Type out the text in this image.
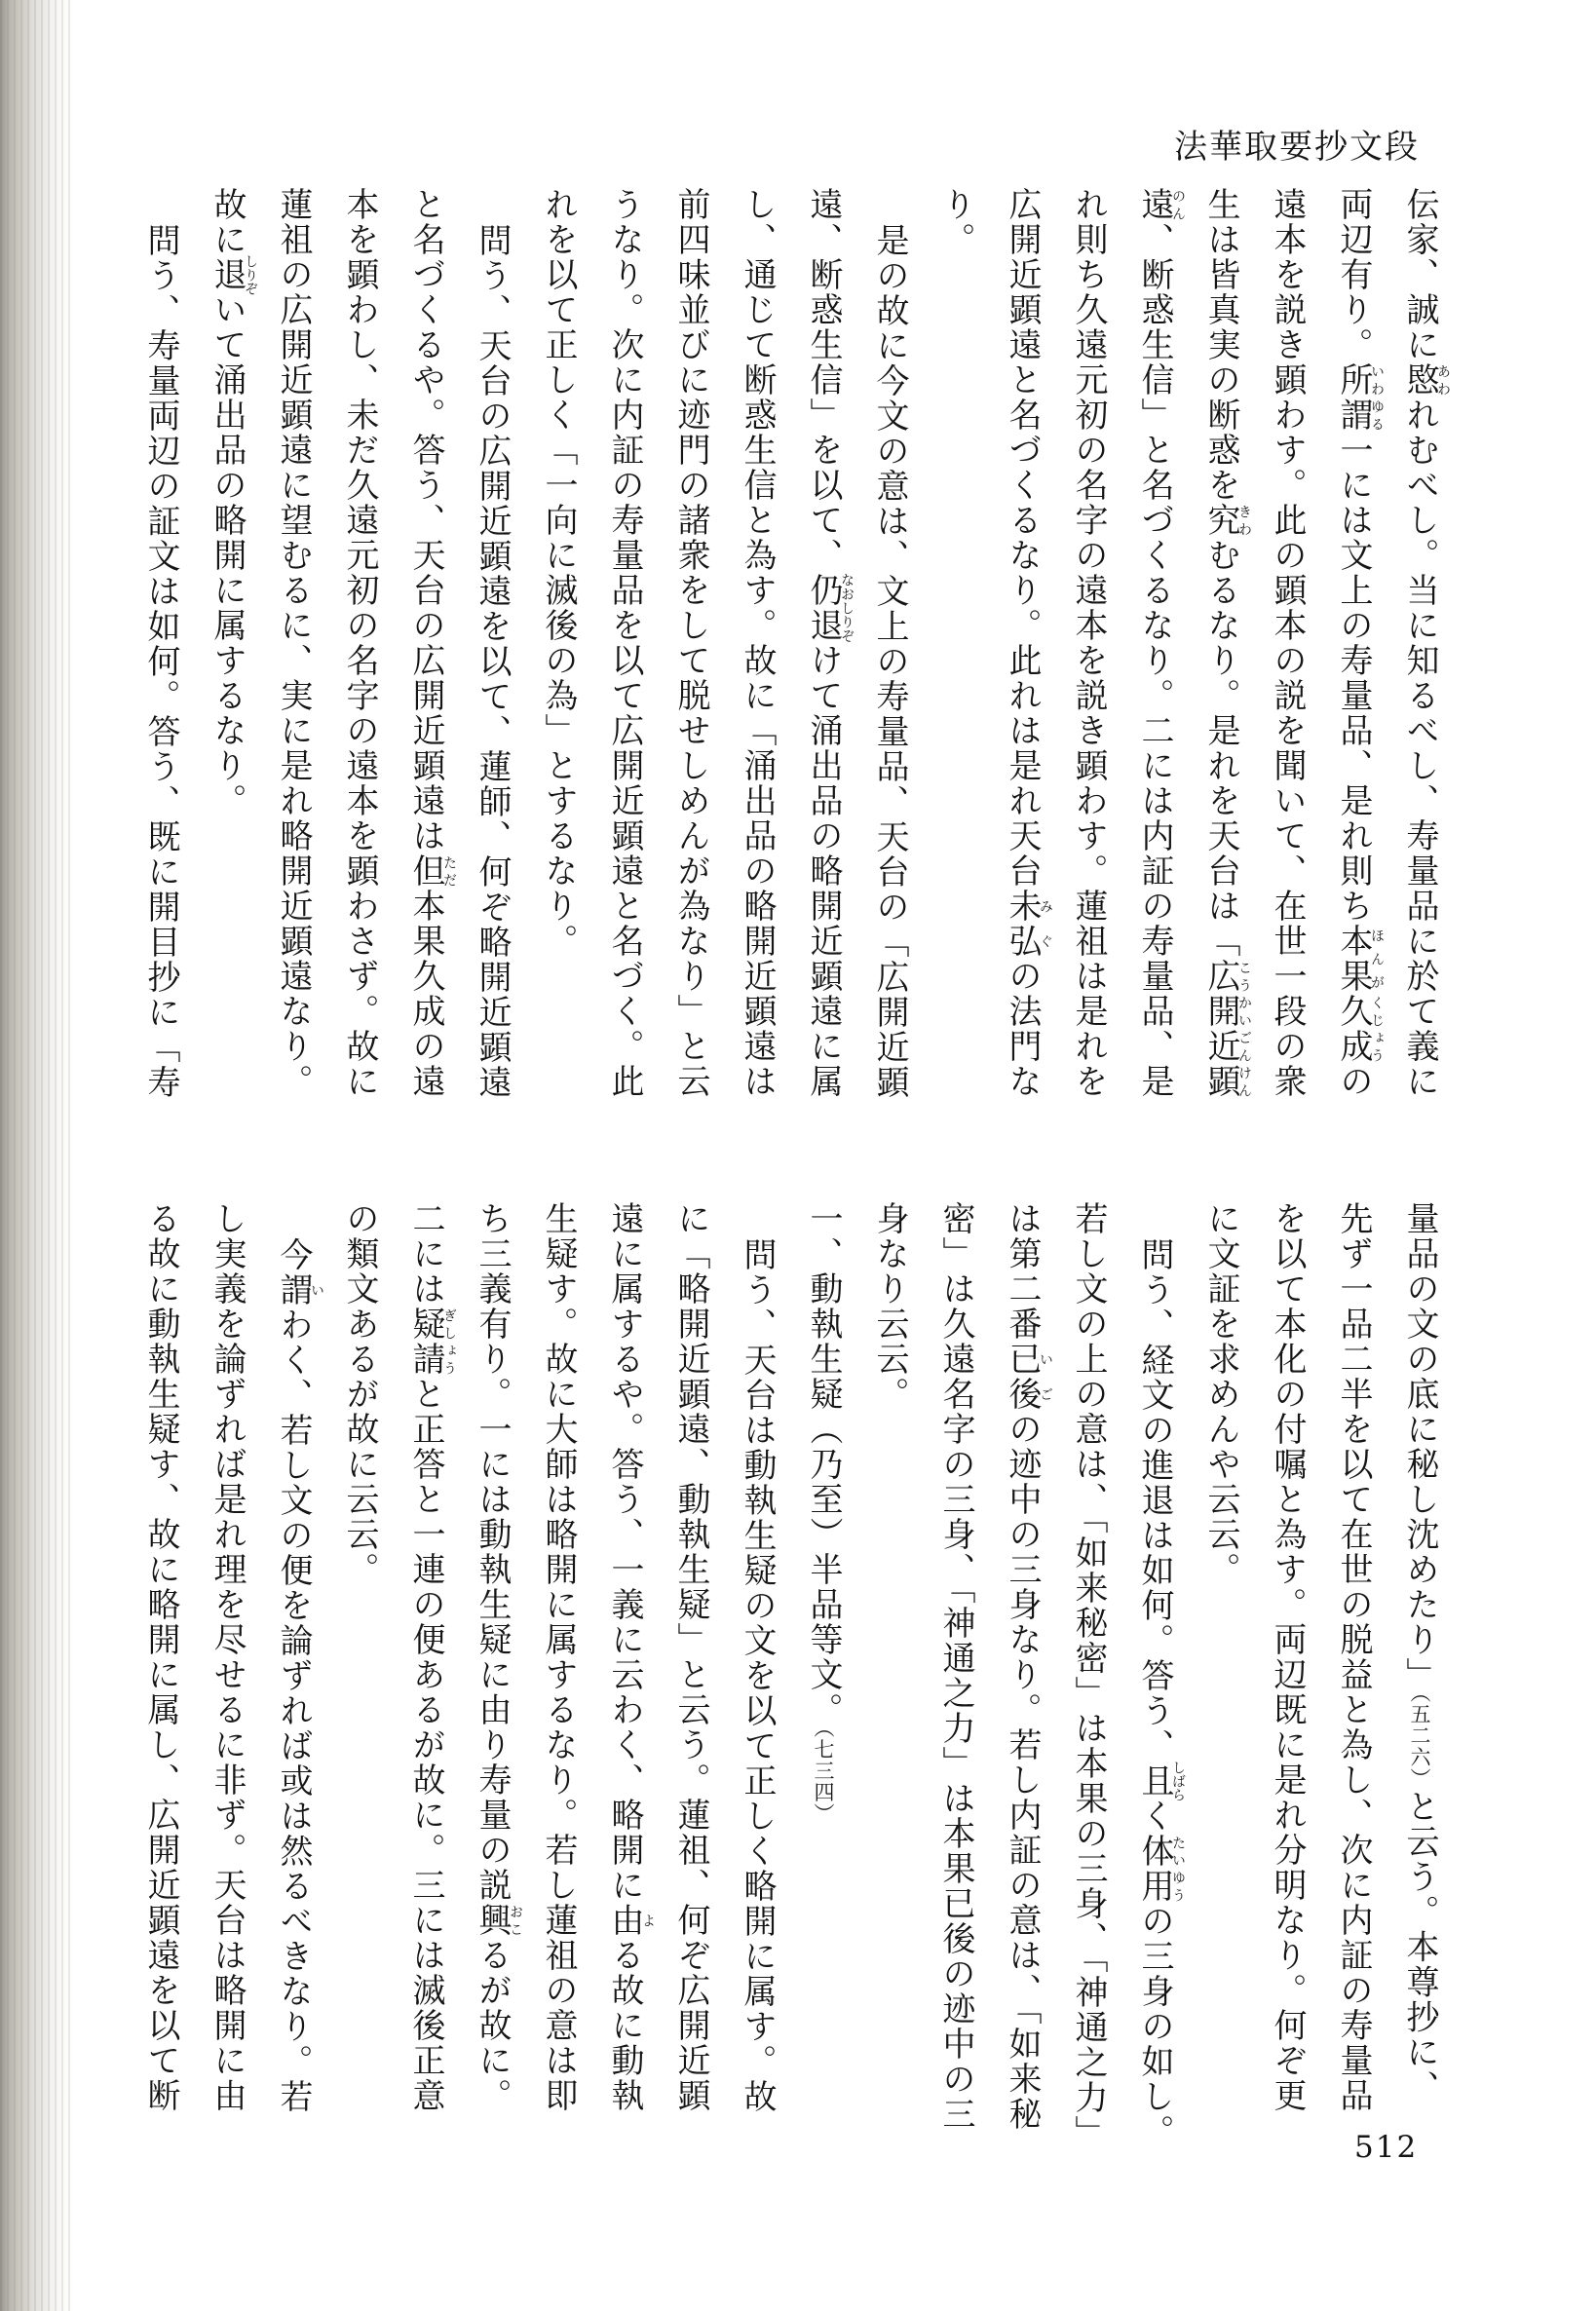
法華取要抄文段
伝家、誠に愍あわれむべし。当に知るべし、寿量品に於て義に
両辺有り。所謂いわゆる一には文上の寿量品、是れ則ち本果ほんが久成くじょうの
遠本を説き顕わす。此の顕本の説を聞いて、在世一段の衆
生は皆真実の断惑を究きわむるなり。是れを天台は「広開近顕こうかいごんけん
遠のん、断惑生信」と名づくるなり。二には内証の寿量品、是
れ則ち久遠元初の名字の遠本を説き顕わす。蓮祖は是れを
広開近顕遠と名づくるなり。此れは是れ天台未弘みぐの法門な
り。
是の故に今文の意は、文上の寿量品、天台の「広開近顕
遠、断惑生信」を以て、仍退なおしりぞけて涌出品の略開近顕遠に属
し、通じて断惑生信と為す。故に「涌出品の略開近顕遠は
前四味並びに迹門の諸衆をして脱せしめんが為なり」と云
うなり。次に内証の寿量品を以て広開近顕遠と名づく。此
れを以て正しく「一向に滅後の為」とするなり。
問う、天台の広開近顕遠を以て、蓮師、何ぞ略開近顕遠
と名づくるや。答う、天台の広開近顕遠は但ただ本果久成の遠
本を顕わし、未だ久遠元初の名字の遠本を顕わさず。故に
蓮祖の広開近顕遠に望むるに、実に是れ略開近顕遠なり。
故に退しりぞいて涌出品の略開に属するなり。
問う、寿量両辺の証文は如何。答う、既に開目抄に「寿
量品の文の底に秘し沈めたり」（五二六）と云う。本尊抄に、
先ず一品二半を以て在世の脱益と為し、次に内証の寿量品
を以て本化の付嘱と為す。両辺既に是れ分明なり。何ぞ更
に文証を求めんや云云。
問う、経文の進退は如何。答う、且しばらく体用たいゆうの三身の如し。
若し文の上の意は、「如来秘密」は本果の三身、「神通之力」
は第二番已後いごの迹中の三身なり。若し内証の意は、「如来秘
密」は久遠名字の三身、「神通之力」は本果已後の迹中の三
身なり云云。
一、動執生疑（乃至）半品等文。（七三四）
問う、天台は動執生疑の文を以て正しく略開に属す。故
に「略開近顕遠、動執生疑」と云う。蓮祖、何ぞ広開近顕
遠に属するや。答う、一義に云わく、略開に由よる故に動執
生疑す。故に大師は略開に属するなり。若し蓮祖の意は即
ち三義有り。一には動執生疑に由り寿量の説興おこるが故に。
二には疑請ぎしょうと正答と一連の便あるが故に。三には滅後正意
の類文あるが故に云云。
今謂いわく、若し文の便を論ずれば或は然るべきなり。若
し実義を論ずれば是れ理を尽せるに非ず。天台は略開に由
る故に動執生疑す、故に略開に属し、広開近顕遠を以て断
512
